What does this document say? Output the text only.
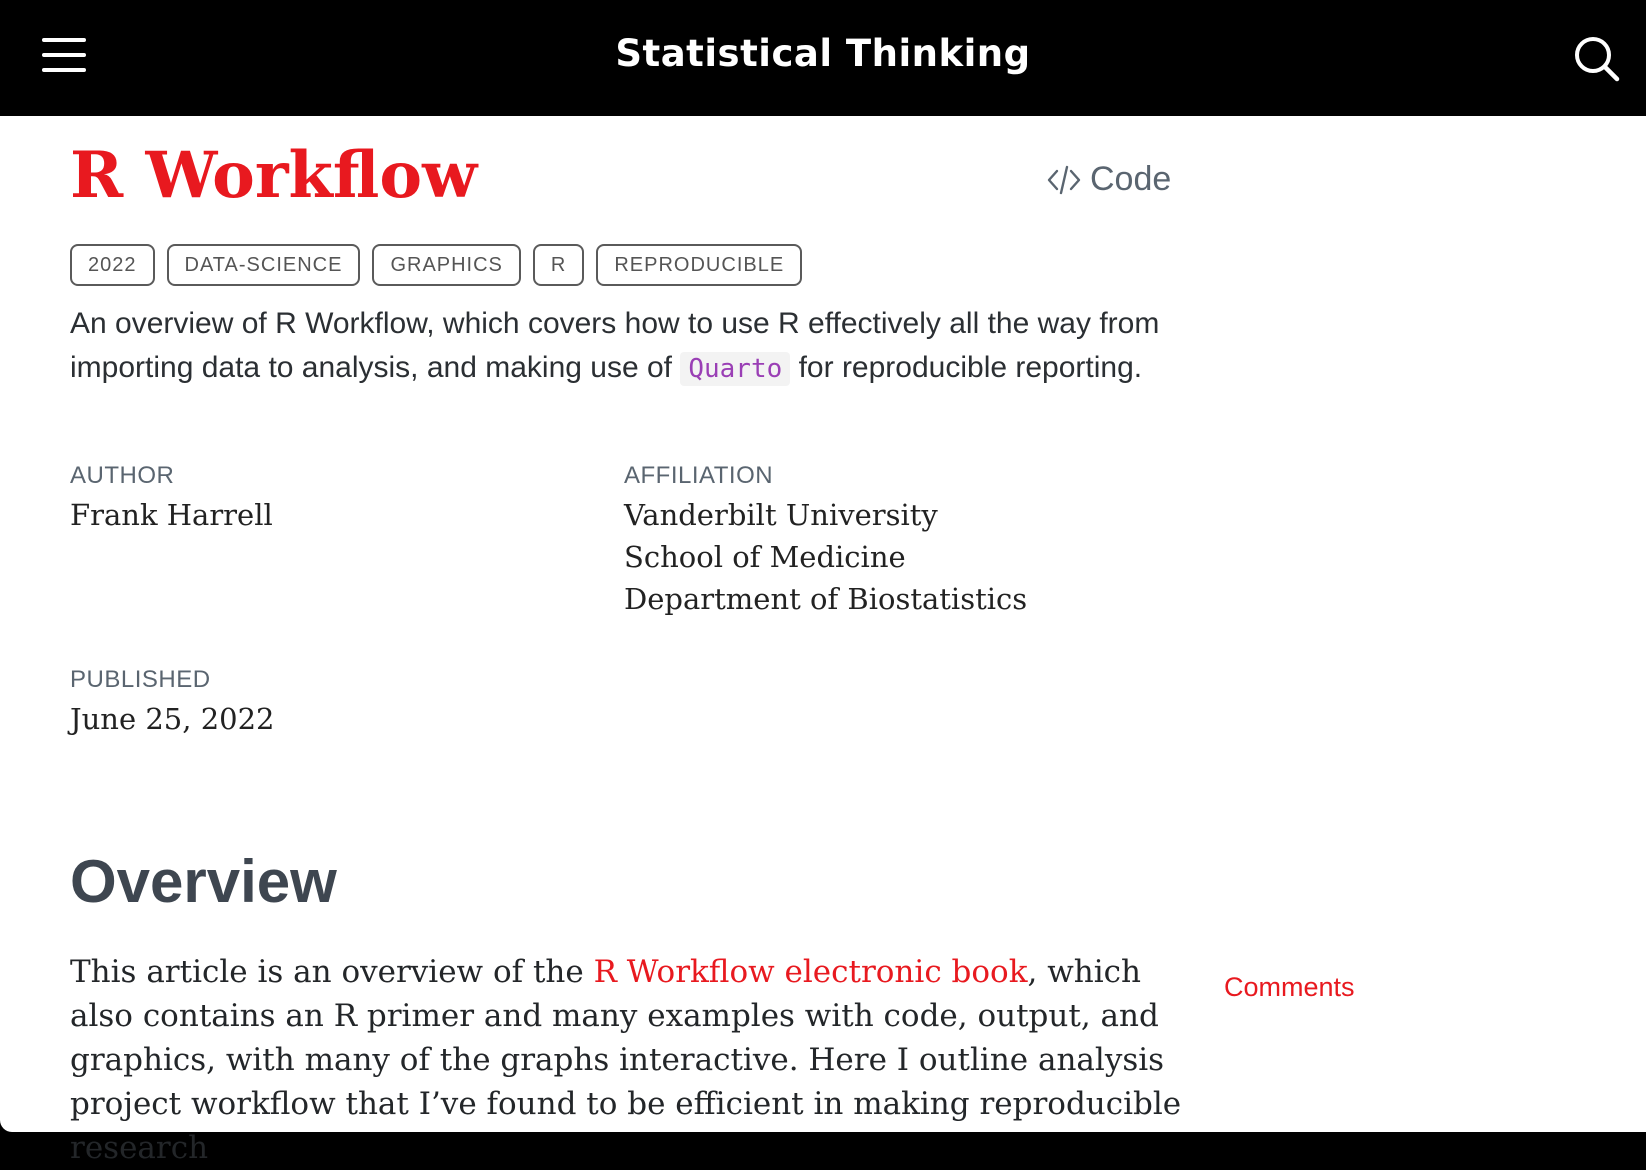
Statistical Thinking
R Workflow	Code
2022	DATA-SCIENCE	GRAPHICS	R	REPRODUCIBLE

An overview of R Workflow, which covers how to use R effectively all the way from importing data to analysis, and making use of Quarto for reproducible reporting.

AUTHOR
Frank Harrell
AFFILIATION
Vanderbilt University
School of Medicine
Department of Biostatistics
PUBLISHED
June 25, 2022
Overview

This article is an overview of the R Workflow electronic book, which also contains an R primer and many examples with code, output, and graphics, with many of the graphs interactive. Here I outline analysis project workflow that I’ve found to be efficient in making reproducible research

Comments
